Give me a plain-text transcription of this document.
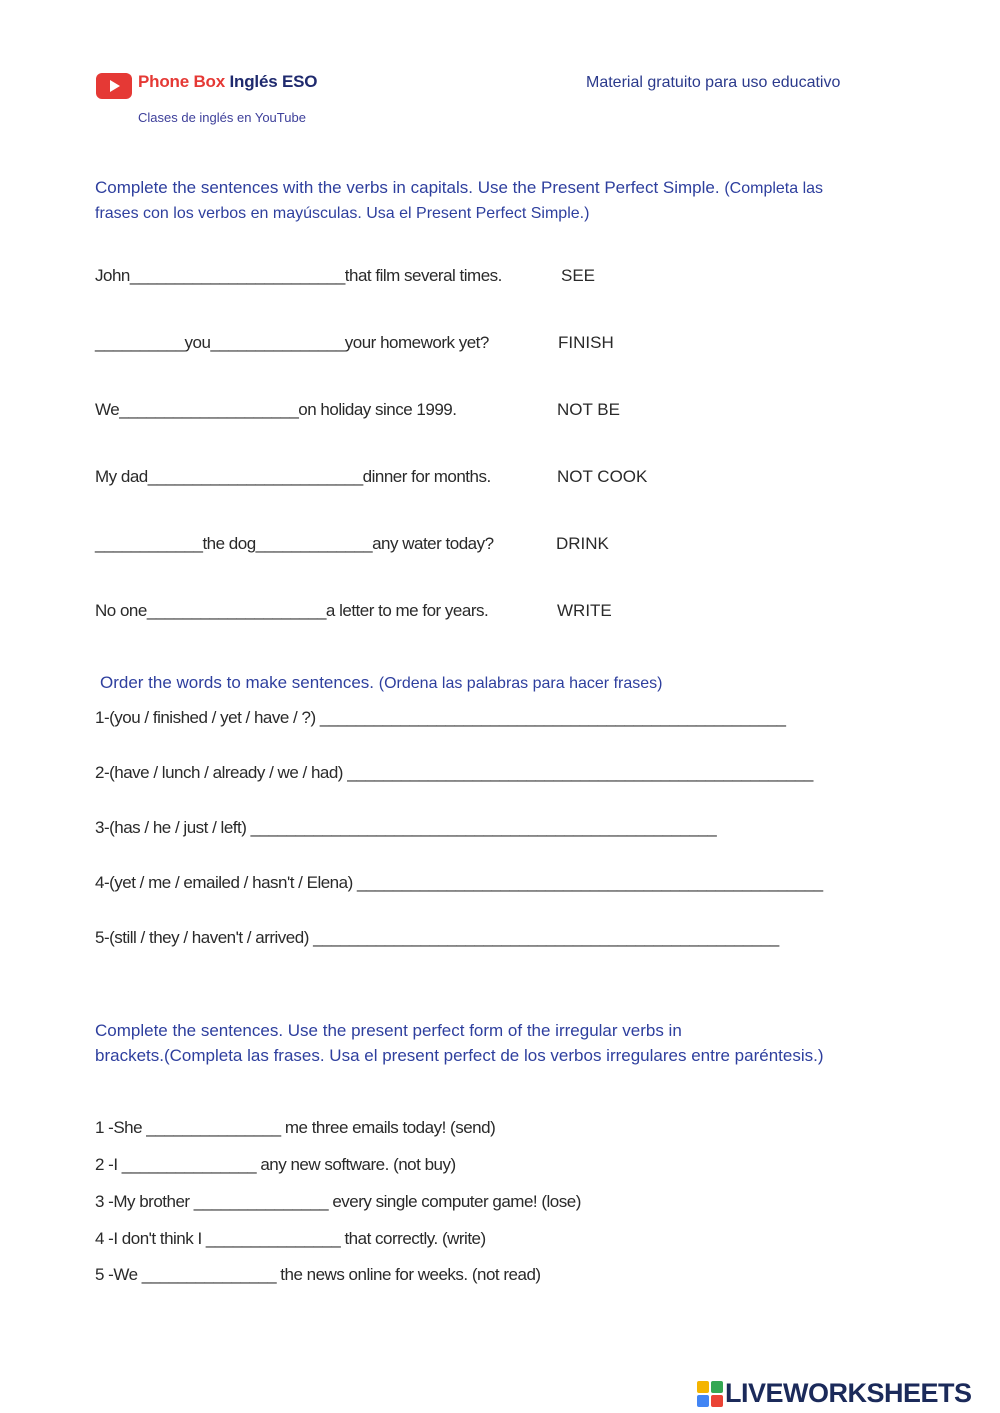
Phone Box Inglés ESO
Clases de inglés en YouTube
Material gratuito para uso educativo
Complete the sentences with the verbs in capitals. Use the Present Perfect Simple. (Completa las
frases con los verbos en mayúsculas. Usa el Present Perfect Simple.)
John________________________that film several times.	SEE
__________you_______________your homework yet?	FINISH
We____________________on holiday since 1999.	NOT BE
My dad________________________dinner for months.	NOT COOK
____________the dog_____________any water today?	DRINK
No one____________________a letter to me for years.	WRITE
Order the words to make sentences. (Ordena las palabras para hacer frases)
1-(you / finished / yet / have / ?) ____________________________________________________
2-(have / lunch / already / we / had) ____________________________________________________
3-(has / he / just / left) ____________________________________________________
4-(yet / me / emailed / hasn't / Elena) ____________________________________________________
5-(still / they / haven't / arrived) ____________________________________________________
Complete the sentences. Use the present perfect form of the irregular verbs in
brackets.(Completa las frases. Usa el present perfect de los verbos irregulares entre paréntesis.)
1 -She _______________ me three emails today! (send)
2 -I _______________ any new software. (not buy)
3 -My brother _______________ every single computer game! (lose)
4 -I don't think I _______________ that correctly. (write)
5 -We _______________ the news online for weeks. (not read)
LIVEWORKSHEETS
